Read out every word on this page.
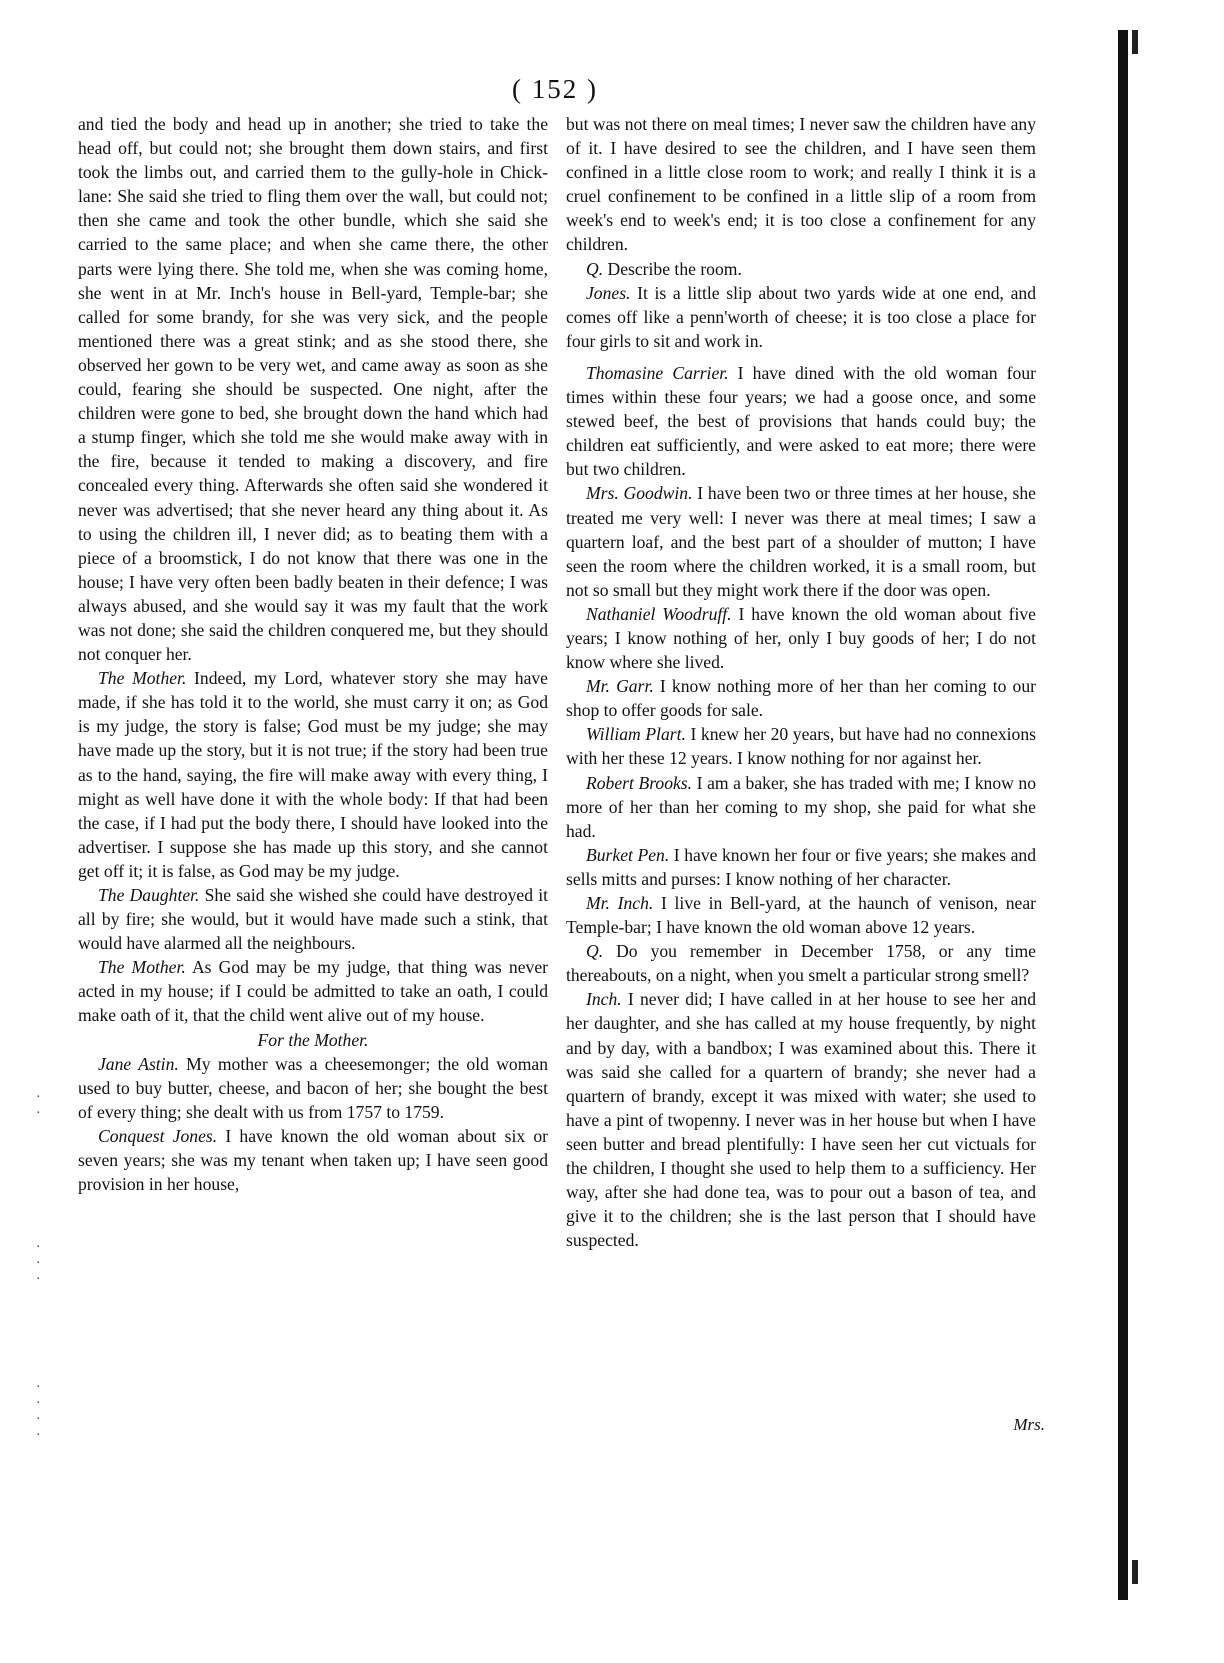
·
·
·
·
·
·
·
·
·
( 152 )

and tied the body and head up in another; she tried to take the head off, but could not; she brought them down stairs, and first took the limbs out, and carried them to the gully-hole in Chick-lane: She said she tried to fling them over the wall, but could not; then she came and took the other bundle, which she said she carried to the same place; and when she came there, the other parts were lying there. She told me, when she was coming home, she went in at Mr. Inch's house in Bell-yard, Temple-bar; she called for some brandy, for she was very sick, and the people mentioned there was a great stink; and as she stood there, she observed her gown to be very wet, and came away as soon as she could, fearing she should be suspected. One night, after the children were gone to bed, she brought down the hand which had a stump finger, which she told me she would make away with in the fire, because it tended to making a discovery, and fire concealed every thing. Afterwards she often said she wondered it never was advertised; that she never heard any thing about it. As to using the children ill, I never did; as to beating them with a piece of a broomstick, I do not know that there was one in the house; I have very often been badly beaten in their defence; I was always abused, and she would say it was my fault that the work was not done; she said the children conquered me, but they should not conquer her.

The Mother. Indeed, my Lord, whatever story she may have made, if she has told it to the world, she must carry it on; as God is my judge, the story is false; God must be my judge; she may have made up the story, but it is not true; if the story had been true as to the hand, saying, the fire will make away with every thing, I might as well have done it with the whole body: If that had been the case, if I had put the body there, I should have looked into the advertiser. I suppose she has made up this story, and she cannot get off it; it is false, as God may be my judge.

The Daughter. She said she wished she could have destroyed it all by fire; she would, but it would have made such a stink, that would have alarmed all the neighbours.

The Mother. As God may be my judge, that thing was never acted in my house; if I could be admitted to take an oath, I could make oath of it, that the child went alive out of my house.

For the Mother.

Jane Astin. My mother was a cheesemonger; the old woman used to buy butter, cheese, and bacon of her; she bought the best of every thing; she dealt with us from 1757 to 1759.

Conquest Jones. I have known the old woman about six or seven years; she was my tenant when taken up; I have seen good provision in her house,

but was not there on meal times; I never saw the children have any of it. I have desired to see the children, and I have seen them confined in a little close room to work; and really I think it is a cruel confinement to be confined in a little slip of a room from week's end to week's end; it is too close a confinement for any children.

Q. Describe the room.

Jones. It is a little slip about two yards wide at one end, and comes off like a penn'worth of cheese; it is too close a place for four girls to sit and work in.

Thomasine Carrier. I have dined with the old woman four times within these four years; we had a goose once, and some stewed beef, the best of provisions that hands could buy; the children eat sufficiently, and were asked to eat more; there were but two children.

Mrs. Goodwin. I have been two or three times at her house, she treated me very well: I never was there at meal times; I saw a quartern loaf, and the best part of a shoulder of mutton; I have seen the room where the children worked, it is a small room, but not so small but they might work there if the door was open.

Nathaniel Woodruff. I have known the old woman about five years; I know nothing of her, only I buy goods of her; I do not know where she lived.

Mr. Garr. I know nothing more of her than her coming to our shop to offer goods for sale.

William Plart. I knew her 20 years, but have had no connexions with her these 12 years. I know nothing for nor against her.

Robert Brooks. I am a baker, she has traded with me; I know no more of her than her coming to my shop, she paid for what she had.

Burket Pen. I have known her four or five years; she makes and sells mitts and purses: I know nothing of her character.

Mr. Inch. I live in Bell-yard, at the haunch of venison, near Temple-bar; I have known the old woman above 12 years.

Q. Do you remember in December 1758, or any time thereabouts, on a night, when you smelt a particular strong smell?

Inch. I never did; I have called in at her house to see her and her daughter, and she has called at my house frequently, by night and by day, with a bandbox; I was examined about this. There it was said she called for a quartern of brandy; she never had a quartern of brandy, except it was mixed with water; she used to have a pint of twopenny. I never was in her house but when I have seen butter and bread plentifully: I have seen her cut victuals for the children, I thought she used to help them to a sufficiency. Her way, after she had done tea, was to pour out a bason of tea, and give it to the children; she is the last person that I should have suspected.

Mrs.
